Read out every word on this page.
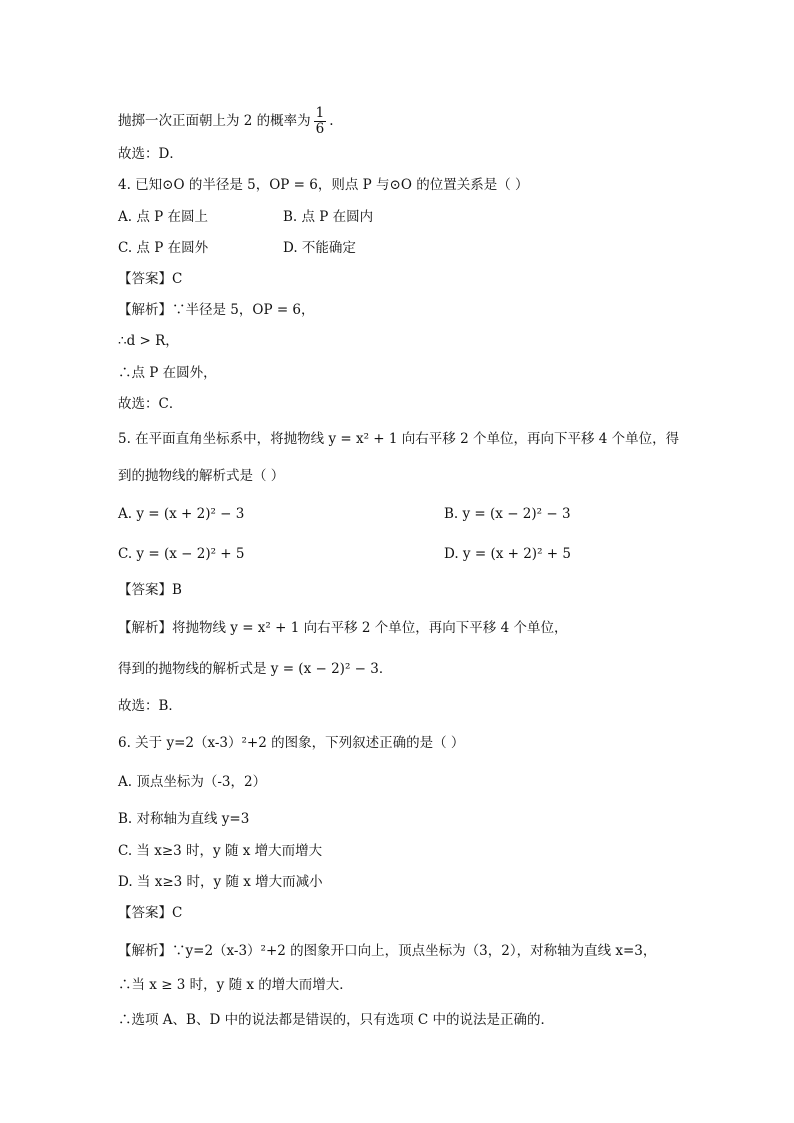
抛掷一次正面朝上为 2 的概率为 $\frac{1}{6}$ .
故选：D．
4. 已知⊙O 的半径是 5，OP = 6，则点 P 与⊙O 的位置关系是（ ）
A. 点 P 在圆上	B. 点 P 在圆内
C. 点 P 在圆外	D. 不能确定
【答案】C
【解析】∵半径是 5，OP = 6，
∴d > R，
∴点 P 在圆外，
故选：C．
5. 在平面直角坐标系中，将抛物线 y = x² + 1 向右平移 2 个单位，再向下平移 4 个单位，得
到的抛物线的解析式是（ ）
A. y = (x + 2)² − 3	B. y = (x − 2)² − 3
C. y = (x − 2)² + 5	D. y = (x + 2)² + 5
【答案】B
【解析】将抛物线 y = x² + 1 向右平移 2 个单位，再向下平移 4 个单位，
得到的抛物线的解析式是 y = (x − 2)² − 3．
故选：B．
6. 关于 y=2（x-3）²+2 的图象，下列叙述正确的是（ ）
A. 顶点坐标为（-3，2）
B. 对称轴为直线 y=3
C. 当 x≥3 时，y 随 x 增大而增大
D. 当 x≥3 时，y 随 x 增大而减小
【答案】C
【解析】∵y=2（x-3）²+2 的图象开口向上，顶点坐标为（3，2），对称轴为直线 x=3，
∴当 x ≥ 3 时，y 随 x 的增大而增大．
∴选项 A、B、D 中的说法都是错误的，只有选项 C 中的说法是正确的．
